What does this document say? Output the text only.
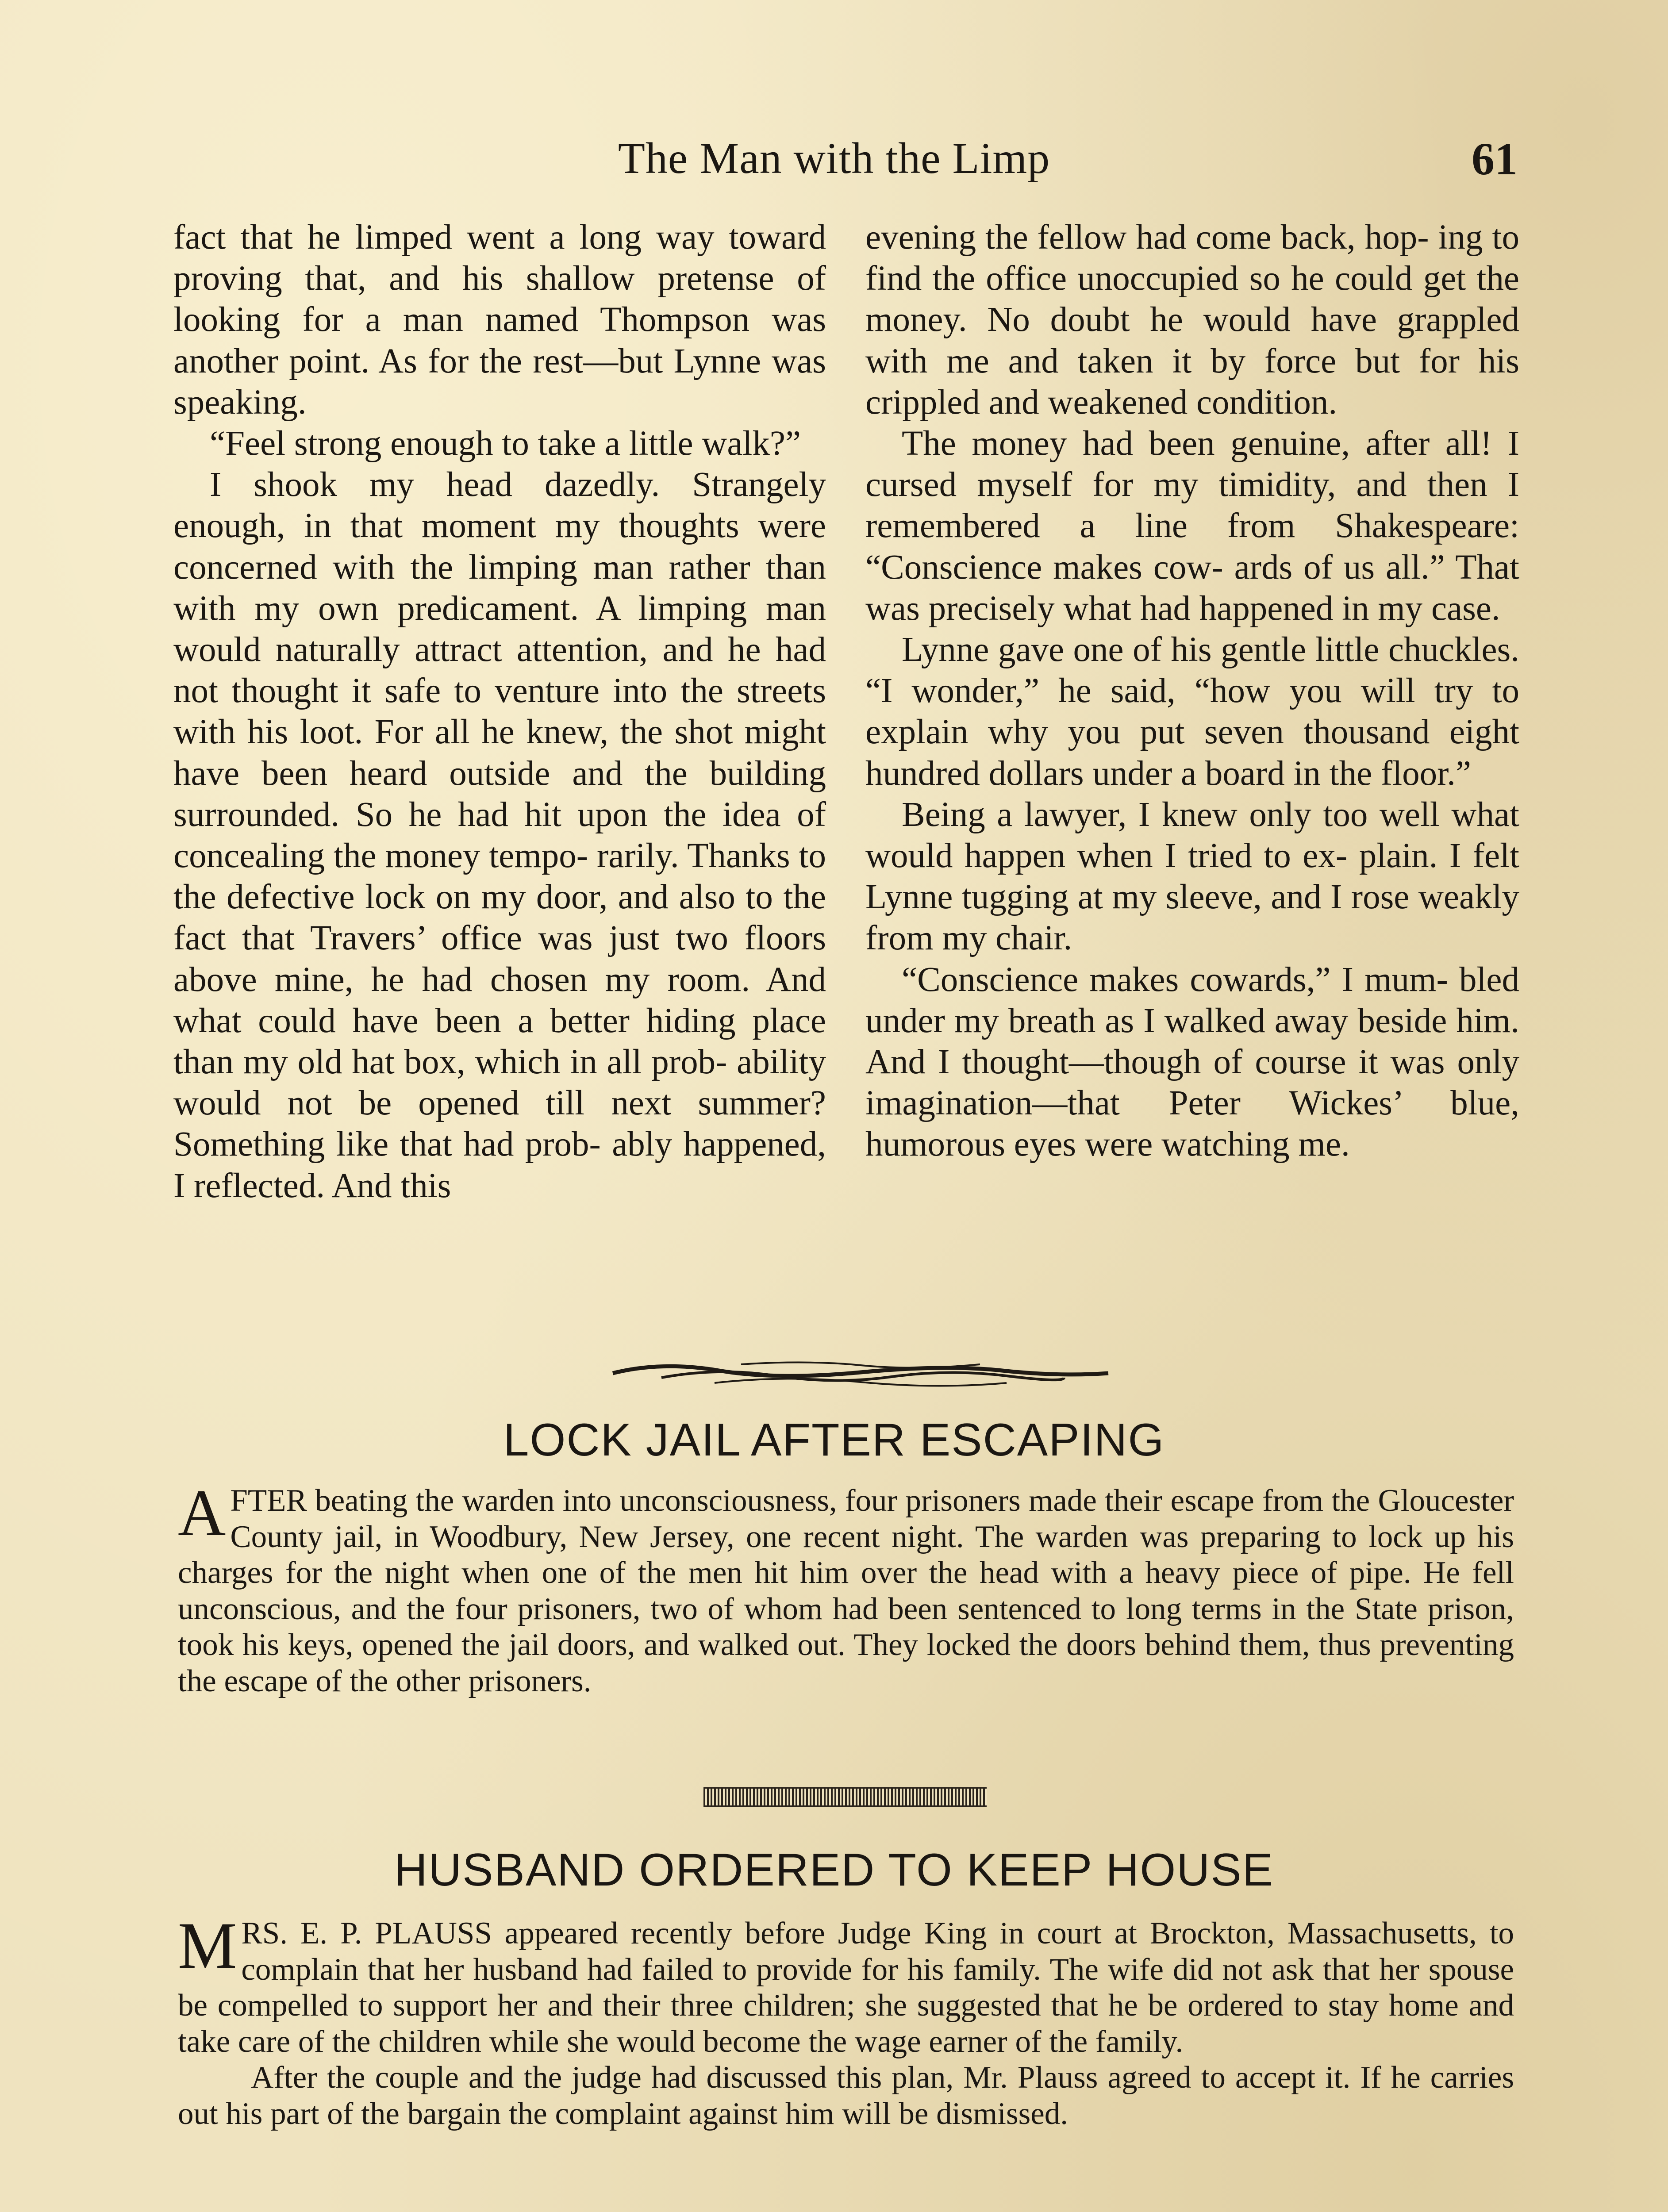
The Man with the Limp	61

fact that he limped went a long way toward proving that, and his shallow pretense of looking for a man named Thompson was another point. As for the rest—but Lynne was speaking.

“Feel strong enough to take a little walk?”

I shook my head dazedly. Strangely enough, in that moment my thoughts were concerned with the limping man rather than with my own predicament. A limping man would naturally attract attention, and he had not thought it safe to venture into the streets with his loot. For all he knew, the shot might have been heard outside and the building surrounded. So he had hit upon the idea of concealing the money tempo- rarily. Thanks to the defective lock on my door, and also to the fact that Travers’ office was just two floors above mine, he had chosen my room. And what could have been a better hiding place than my old hat box, which in all prob- ability would not be opened till next summer? Something like that had prob- ably happened, I reflected. And this

evening the fellow had come back, hop- ing to find the office unoccupied so he could get the money. No doubt he would have grappled with me and taken it by force but for his crippled and weakened condition.

The money had been genuine, after all! I cursed myself for my timidity, and then I remembered a line from Shakespeare: “Conscience makes cow- ards of us all.” That was precisely what had happened in my case.

Lynne gave one of his gentle little chuckles. “I wonder,” he said, “how you will try to explain why you put seven thousand eight hundred dollars under a board in the floor.”

Being a lawyer, I knew only too well what would happen when I tried to ex- plain. I felt Lynne tugging at my sleeve, and I rose weakly from my chair.

“Conscience makes cowards,” I mum- bled under my breath as I walked away beside him. And I thought—though of course it was only imagination—that Peter Wickes’ blue, humorous eyes were watching me.

LOCK JAIL AFTER ESCAPING

AFTER beating the warden into unconsciousness, four prisoners made their escape from the Gloucester County jail, in Woodbury, New Jersey, one recent night. The warden was preparing to lock up his charges for the night when one of the men hit him over the head with a heavy piece of pipe. He fell unconscious, and the four prisoners, two of whom had been sentenced to long terms in the State prison, took his keys, opened the jail doors, and walked out. They locked the doors behind them, thus preventing the escape of the other prisoners.

HUSBAND ORDERED TO KEEP HOUSE

MRS. E. P. PLAUSS appeared recently before Judge King in court at Brockton, Massachusetts, to complain that her husband had failed to provide for his family. The wife did not ask that her spouse be compelled to support her and their three children; she suggested that he be ordered to stay home and take care of the children while she would become the wage earner of the family.

After the couple and the judge had discussed this plan, Mr. Plauss agreed to accept it. If he carries out his part of the bargain the complaint against him will be dismissed.
